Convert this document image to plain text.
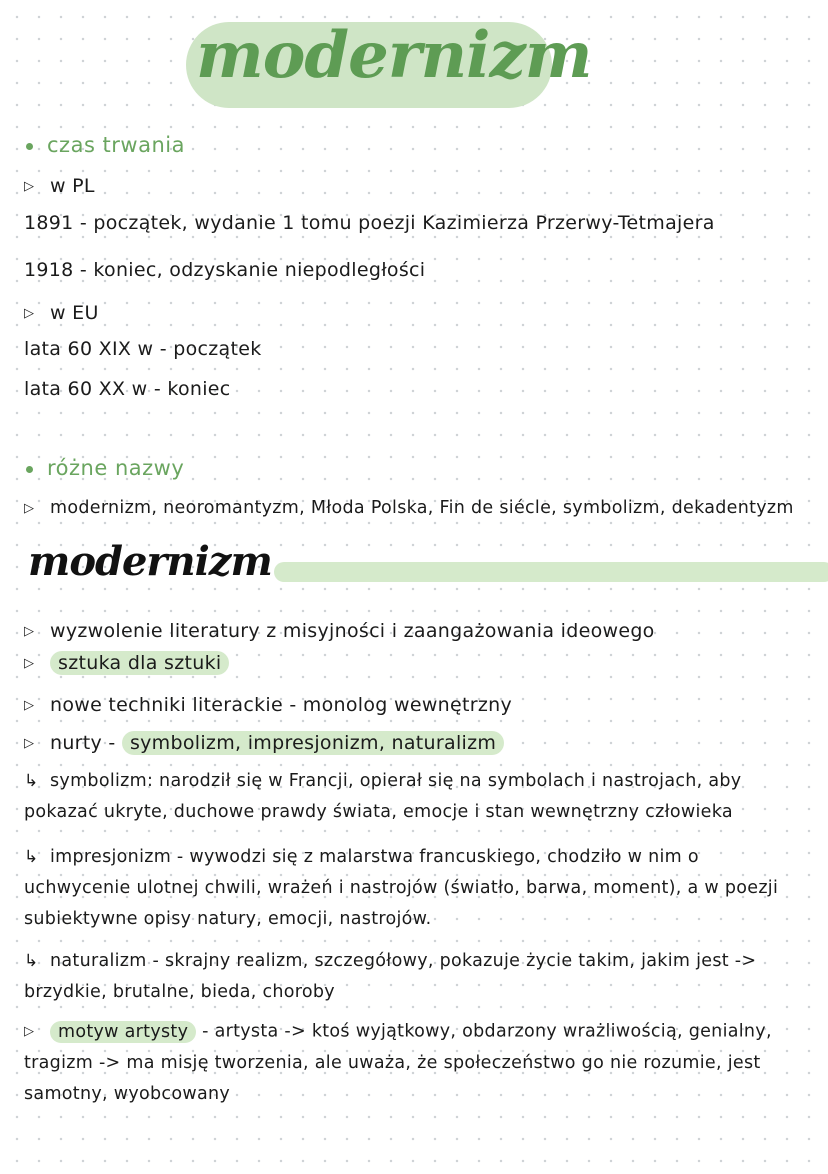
modernizm
czas trwania
▷ w PL
1891 - początek, wydanie 1 tomu poezji Kazimierza Przerwy-Tetmajera
1918 - koniec, odzyskanie niepodległości
▷ w EU
lata 60 XIX w - początek
lata 60 XX w - koniec
różne nazwy
▷ modernizm, neoromantyzm, Młoda Polska, Fin de siécle, symbolizm, dekadentyzm
modernizm
▷ wyzwolenie literatury z misyjności i zaangażowania ideowego
▷ sztuka dla sztuki
▷ nowe techniki literackie - monolog wewnętrzny
▷ nurty - symbolizm, impresjonizm, naturalizm
↳ symbolizm: narodził się w Francji, opierał się na symbolach i nastrojach, aby pokazać ukryte, duchowe prawdy świata, emocje i stan wewnętrzny człowieka
↳ impresjonizm - wywodzi się z malarstwa francuskiego, chodziło w nim o uchwycenie ulotnej chwili, wrażeń i nastrojów (światło, barwa, moment), a w poezji subiektywne opisy natury, emocji, nastrojów.
↳ naturalizm - skrajny realizm, szczegółowy, pokazuje życie takim, jakim jest -> brzydkie, brutalne, bieda, choroby
▷ motyw artysty - artysta -> ktoś wyjątkowy, obdarzony wrażliwością, genialny, tragizm -> ma misję tworzenia, ale uważa, że społeczeństwo go nie rozumie, jest samotny, wyobcowany
